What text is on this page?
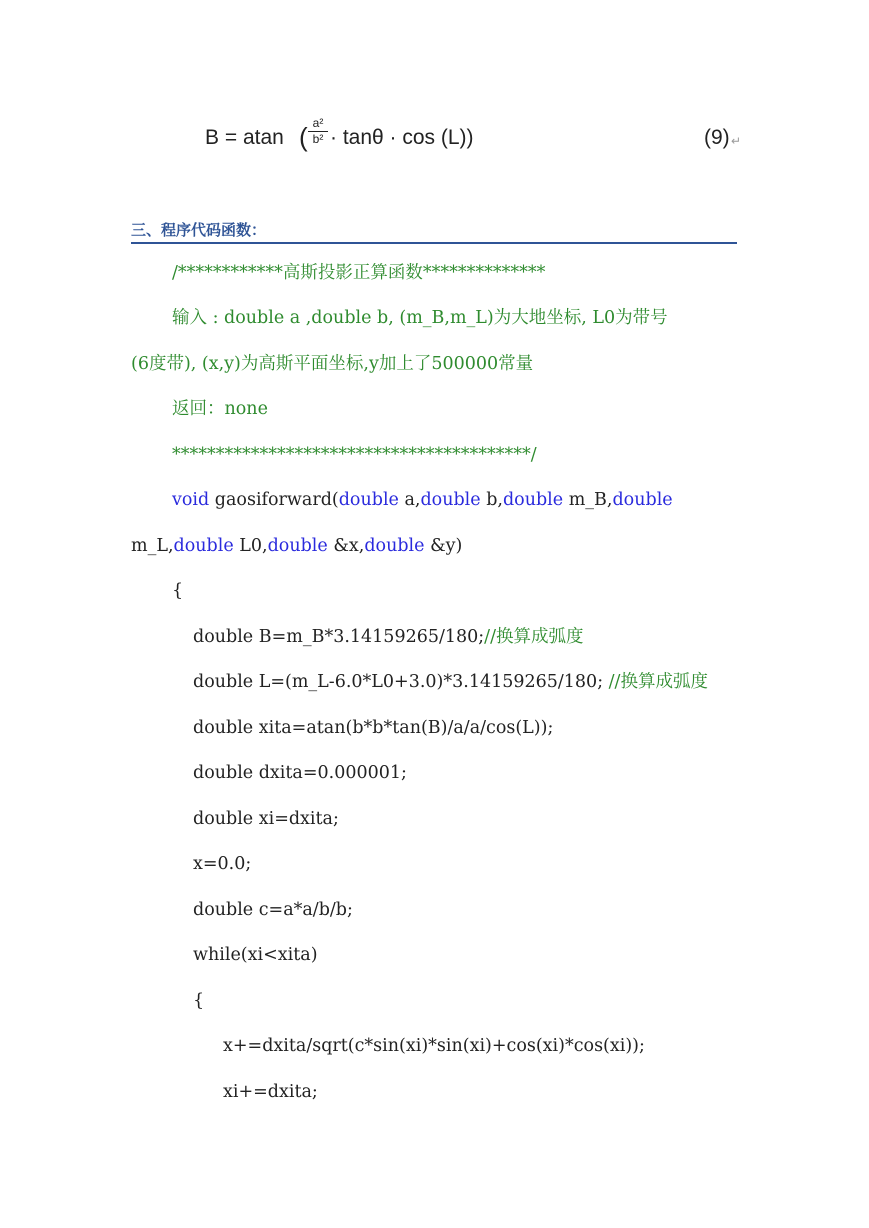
B = atan ( $\frac{\text{a²}}{\text{b²}} \cdot \tan\theta \cdot \cos (L)$)	(9) ↵
三、程序代码函数：
/************高斯投影正算函数**************
输入 : double a ,double b, (m_B,m_L)为大地坐标, L0为带号
(6度带), (x,y)为高斯平面坐标,y加上了500000常量
返回：none
*****************************************/
void gaosiforward(double a,double b,double m_B,double
m_L,double L0,double &x,double &y)
{
double B=m_B*3.14159265/180;//换算成弧度
double L=(m_L-6.0*L0+3.0)*3.14159265/180; //换算成弧度
double xita=atan(b*b*tan(B)/a/a/cos(L));
double dxita=0.000001;
double xi=dxita;
x=0.0;
double c=a*a/b/b;
while(xi<xita)
{
x+=dxita/sqrt(c*sin(xi)*sin(xi)+cos(xi)*cos(xi));
xi+=dxita;
